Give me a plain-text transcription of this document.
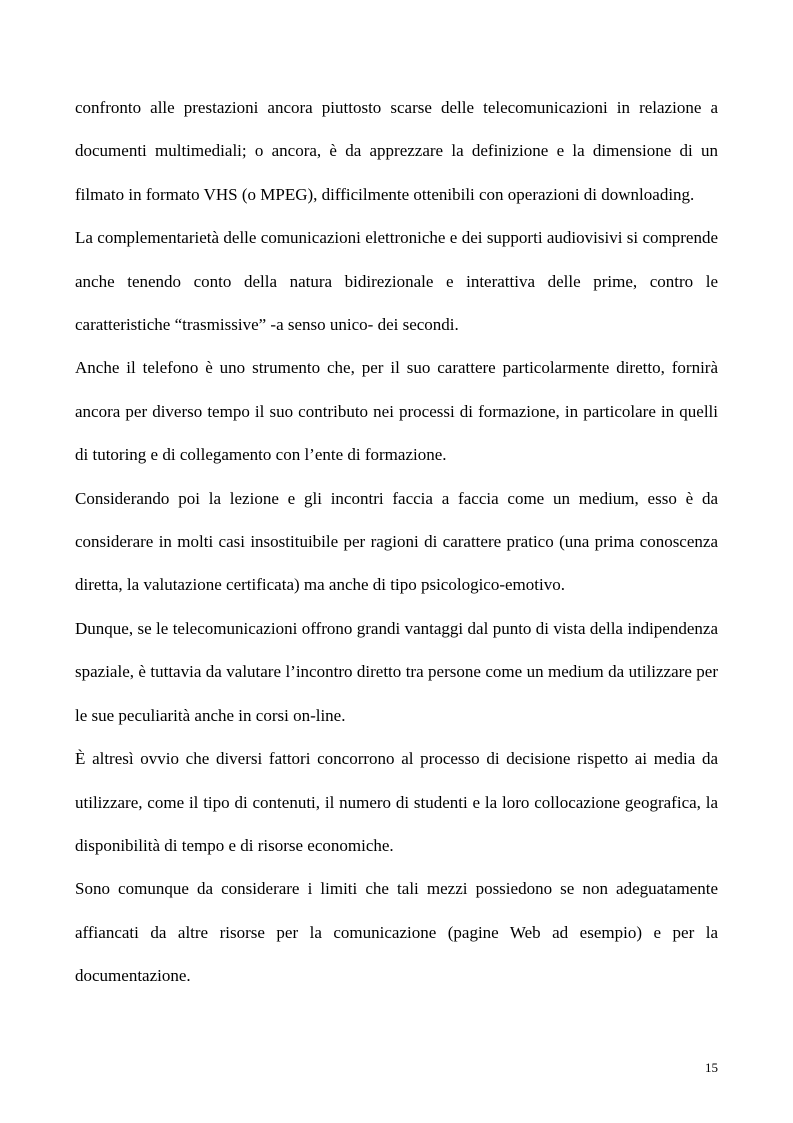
confronto alle prestazioni ancora piuttosto scarse delle telecomunicazioni in relazione a documenti multimediali; o ancora, è da apprezzare la definizione e la dimensione di un filmato in formato VHS (o MPEG), difficilmente ottenibili con operazioni di downloading.

La complementarietà delle comunicazioni elettroniche e dei supporti audiovisivi si comprende anche tenendo conto della natura bidirezionale e interattiva delle prime, contro le caratteristiche “trasmissive” -a senso unico- dei secondi.

Anche il telefono è uno strumento che, per il suo carattere particolarmente diretto, fornirà ancora per diverso tempo il suo contributo nei processi di formazione, in particolare in quelli di tutoring e di collegamento con l’ente di formazione.

Considerando poi la lezione e gli incontri faccia a faccia come un medium, esso è da considerare in molti casi insostituibile per ragioni di carattere pratico (una prima conoscenza diretta, la valutazione certificata) ma anche di tipo psicologico-emotivo.

Dunque, se le telecomunicazioni offrono grandi vantaggi dal punto di vista della indipendenza spaziale, è tuttavia da valutare l’incontro diretto tra persone come un medium da utilizzare per le sue peculiarità anche in corsi on-line.

È altresì ovvio che diversi fattori concorrono al processo di decisione rispetto ai media da utilizzare, come il tipo di contenuti, il numero di studenti e la loro collocazione geografica, la disponibilità di tempo e di risorse economiche.

Sono comunque da considerare i limiti che tali mezzi possiedono se non adeguatamente affiancati da altre risorse per la comunicazione (pagine Web ad esempio) e per la documentazione.

15
